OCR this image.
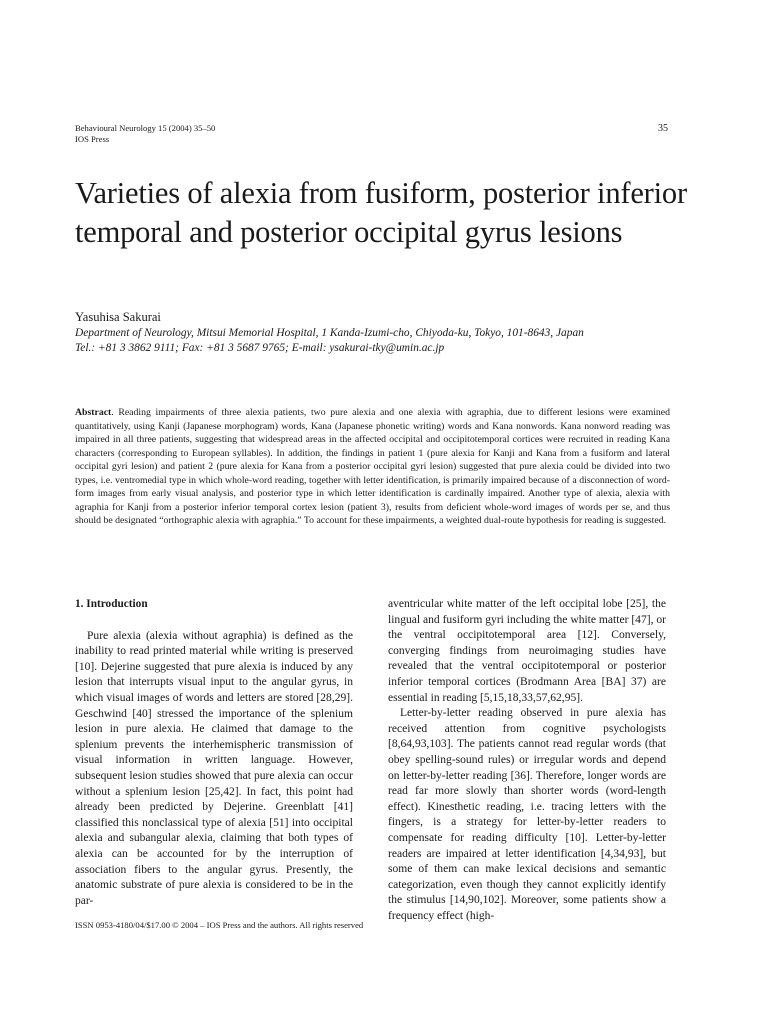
Behavioural Neurology 15 (2004) 35–50
IOS Press
35
Varieties of alexia from fusiform, posterior inferior temporal and posterior occipital gyrus lesions
Yasuhisa Sakurai
Department of Neurology, Mitsui Memorial Hospital, 1 Kanda-Izumi-cho, Chiyoda-ku, Tokyo, 101-8643, Japan
Tel.: +81 3 3862 9111; Fax: +81 3 5687 9765; E-mail: ysakurai-tky@umin.ac.jp

Abstract. Reading impairments of three alexia patients, two pure alexia and one alexia with agraphia, due to different lesions were examined quantitatively, using Kanji (Japanese morphogram) words, Kana (Japanese phonetic writing) words and Kana nonwords. Kana nonword reading was impaired in all three patients, suggesting that widespread areas in the affected occipital and occipitotemporal cortices were recruited in reading Kana characters (corresponding to European syllables). In addition, the findings in patient 1 (pure alexia for Kanji and Kana from a fusiform and lateral occipital gyri lesion) and patient 2 (pure alexia for Kana from a posterior occipital gyri lesion) suggested that pure alexia could be divided into two types, i.e. ventromedial type in which whole-word reading, together with letter identification, is primarily impaired because of a disconnection of word-form images from early visual analysis, and posterior type in which letter identification is cardinally impaired. Another type of alexia, alexia with agraphia for Kanji from a posterior inferior temporal cortex lesion (patient 3), results from deficient whole-word images of words per se, and thus should be designated “orthographic alexia with agraphia.” To account for these impairments, a weighted dual-route hypothesis for reading is suggested.

1. Introduction

Pure alexia (alexia without agraphia) is defined as the inability to read printed material while writing is preserved [10]. Dejerine suggested that pure alexia is induced by any lesion that interrupts visual input to the angular gyrus, in which visual images of words and letters are stored [28,29]. Geschwind [40] stressed the importance of the splenium lesion in pure alexia. He claimed that damage to the splenium prevents the interhemispheric transmission of visual information in written language. However, subsequent lesion studies showed that pure alexia can occur without a splenium lesion [25,42]. In fact, this point had already been predicted by Dejerine. Greenblatt [41] classified this nonclassical type of alexia [51] into occipital alexia and subangular alexia, claiming that both types of alexia can be accounted for by the interruption of association fibers to the angular gyrus. Presently, the anatomic substrate of pure alexia is considered to be in the par-

aventricular white matter of the left occipital lobe [25], the lingual and fusiform gyri including the white matter [47], or the ventral occipitotemporal area [12]. Conversely, converging findings from neuroimaging studies have revealed that the ventral occipitotemporal or posterior inferior temporal cortices (Brodmann Area [BA] 37) are essential in reading [5,15,18,33,57,62,95].

Letter-by-letter reading observed in pure alexia has received attention from cognitive psychologists [8,64,93,103]. The patients cannot read regular words (that obey spelling-sound rules) or irregular words and depend on letter-by-letter reading [36]. Therefore, longer words are read far more slowly than shorter words (word-length effect). Kinesthetic reading, i.e. tracing letters with the fingers, is a strategy for letter-by-letter readers to compensate for reading difficulty [10]. Letter-by-letter readers are impaired at letter identification [4,34,93], but some of them can make lexical decisions and semantic categorization, even though they cannot explicitly identify the stimulus [14,90,102]. Moreover, some patients show a frequency effect (high-

ISSN 0953-4180/04/$17.00 © 2004 – IOS Press and the authors. All rights reserved
